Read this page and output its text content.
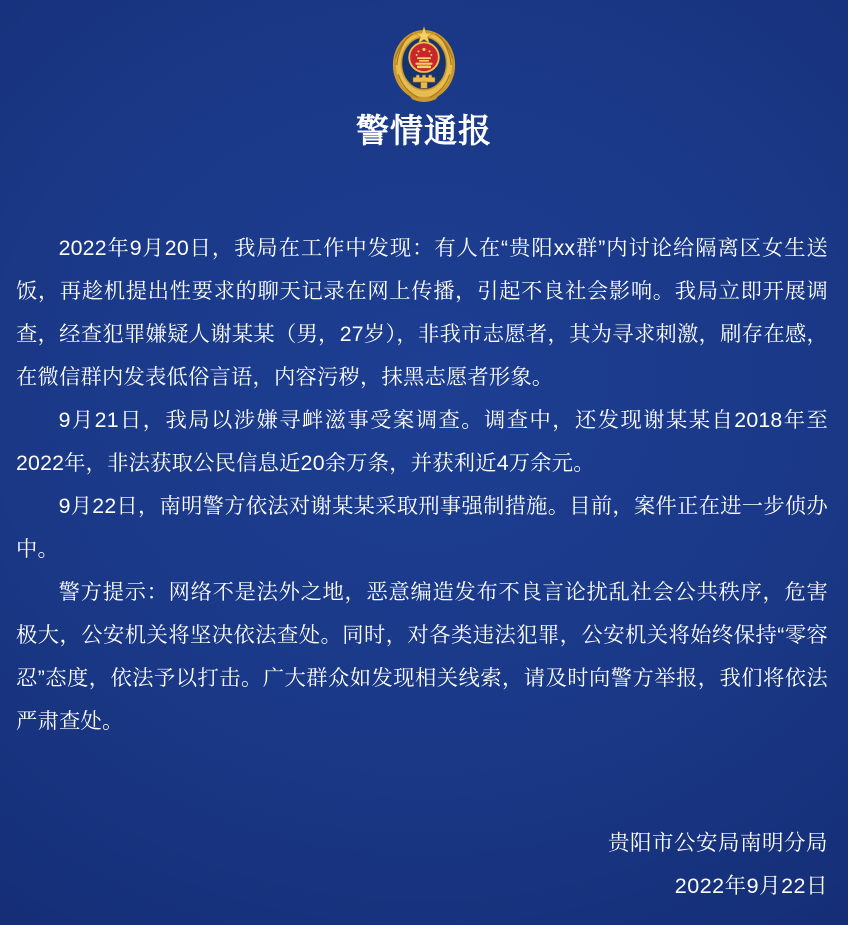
警情通报

2022年9月20日，我局在工作中发现：有人在“贵阳xx群”内讨论给隔离区女生送饭，再趁机提出性要求的聊天记录在网上传播，引起不良社会影响。我局立即开展调查，经查犯罪嫌疑人谢某某（男，27岁），非我市志愿者，其为寻求刺激，刷存在感，在微信群内发表低俗言语，内容污秽，抹黑志愿者形象。

9月21日，我局以涉嫌寻衅滋事受案调查。调查中，还发现谢某某自2018年至2022年，非法获取公民信息近20余万条，并获利近4万余元。

9月22日，南明警方依法对谢某某采取刑事强制措施。目前，案件正在进一步侦办中。

警方提示：网络不是法外之地，恶意编造发布不良言论扰乱社会公共秩序，危害极大，公安机关将坚决依法查处。同时，对各类违法犯罪，公安机关将始终保持“零容忍”态度，依法予以打击。广大群众如发现相关线索，请及时向警方举报，我们将依法严肃查处。

贵阳市公安局南明分局
2022年9月22日
